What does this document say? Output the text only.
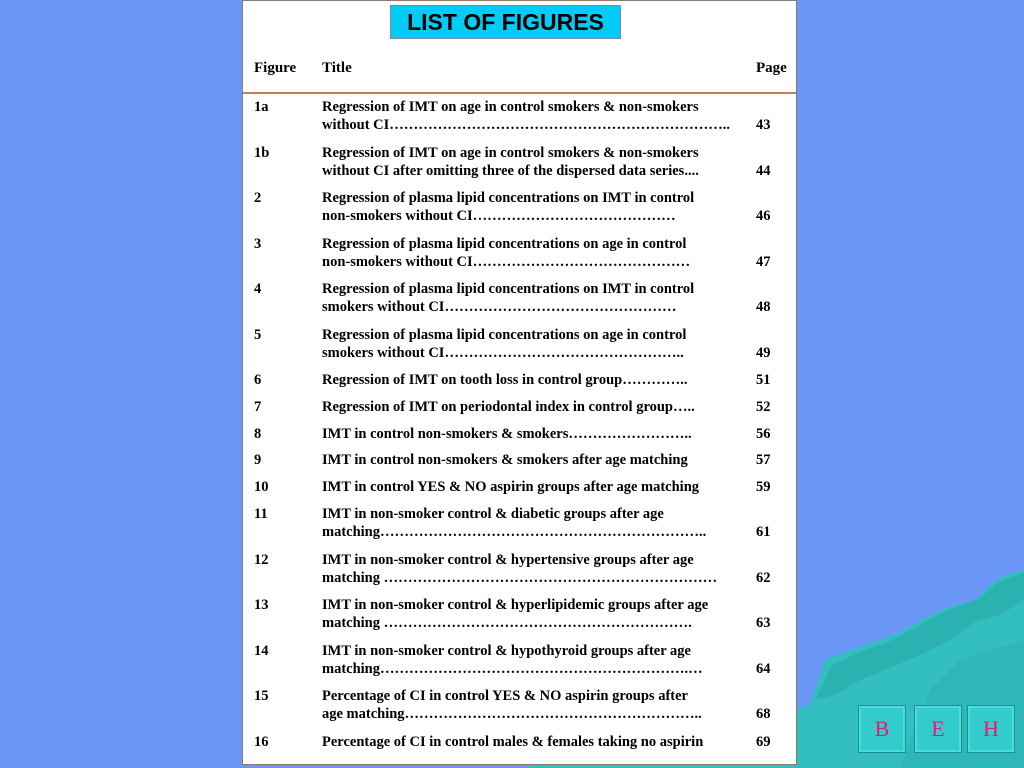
LIST OF FIGURES
Figure Title	Page
1a	Regression of IMT on age in control smokers & non-smokers
without CI……………………………………………………………..	43
1b	Regression of IMT on age in control smokers & non-smokers
without CI after omitting three of the dispersed data series....	44
2	Regression of plasma lipid concentrations on IMT in control
non-smokers without CI……………………………………	46
3	Regression of plasma lipid concentrations on age in control
non-smokers without CI………………………………………	47
4	Regression of plasma lipid concentrations on IMT in control
smokers without CI…………………………………………	48
5	Regression of plasma lipid concentrations on age in control
smokers without CI…………………………………………..	49
6	Regression of IMT on tooth loss in control group…………..	51
7	Regression of IMT on periodontal index in control group…..	52
8	IMT in control non-smokers & smokers……………………..	56
9	IMT in control non-smokers & smokers after age matching	57
10	IMT in control YES & NO aspirin groups after age matching	59
11	IMT in non-smoker control & diabetic groups after age
matching…………………………………………………………..	61
12	IMT in non-smoker control & hypertensive groups after age
matching ……………………………………………………………	62
13	IMT in non-smoker control & hyperlipidemic groups after age
matching ……………………………………………………….	63
14	IMT in non-smoker control & hypothyroid groups after age
matching……………………………………………………….…	64
15	Percentage of CI in control YES & NO aspirin groups after
age matching……………………………………………………..	68
16	Percentage of CI in control males & females taking no aspirin	69
B	E	H
